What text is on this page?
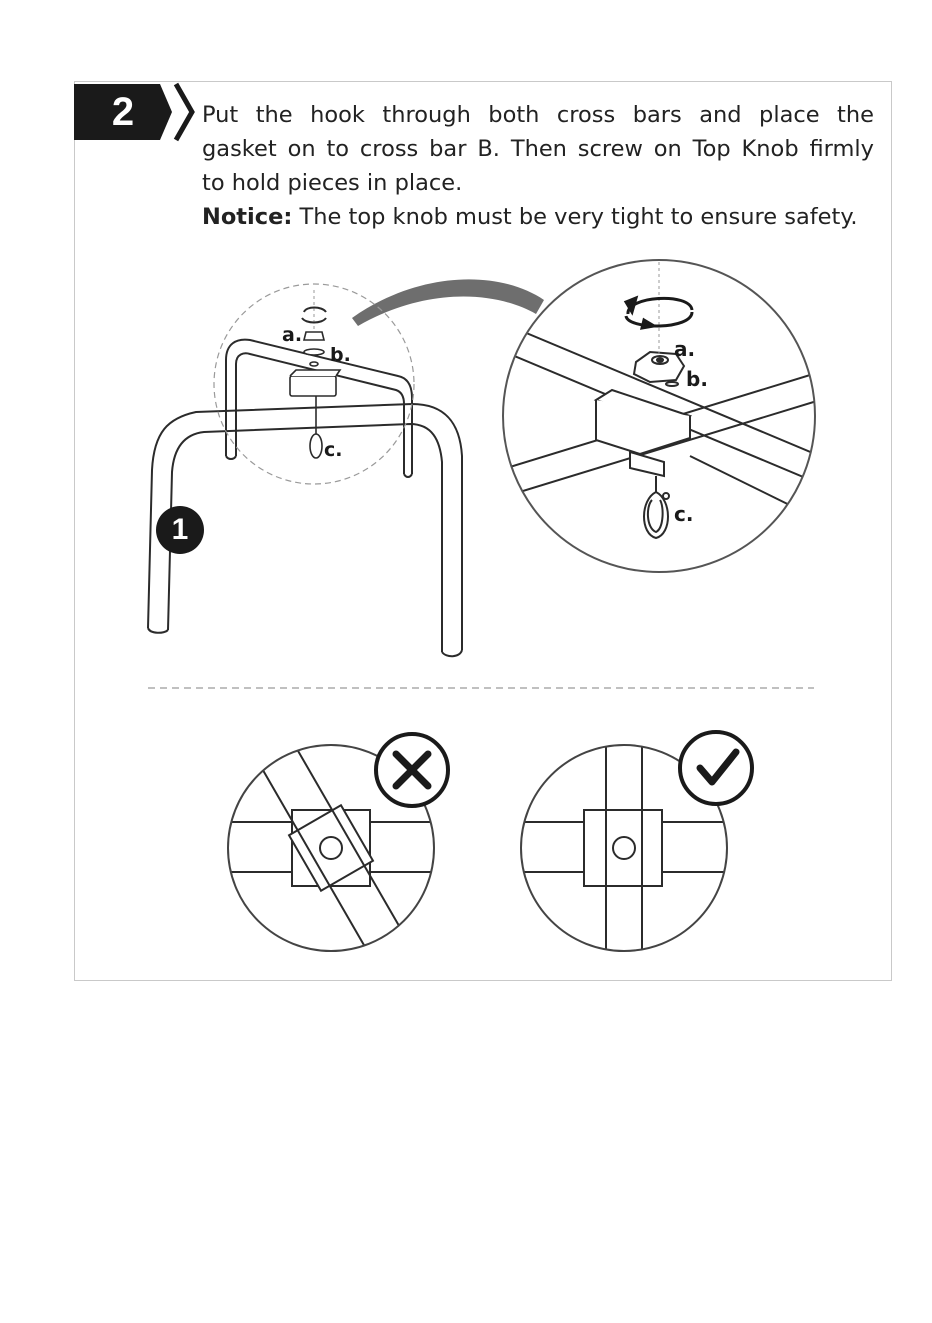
2	Put the hook through both cross bars and place the
gasket on to cross bar B. Then screw on Top Knob firmly
to hold pieces in place.
Notice: The top knob must be very tight to ensure safety.
1
a.
b.
c.
a.
b.
c.
